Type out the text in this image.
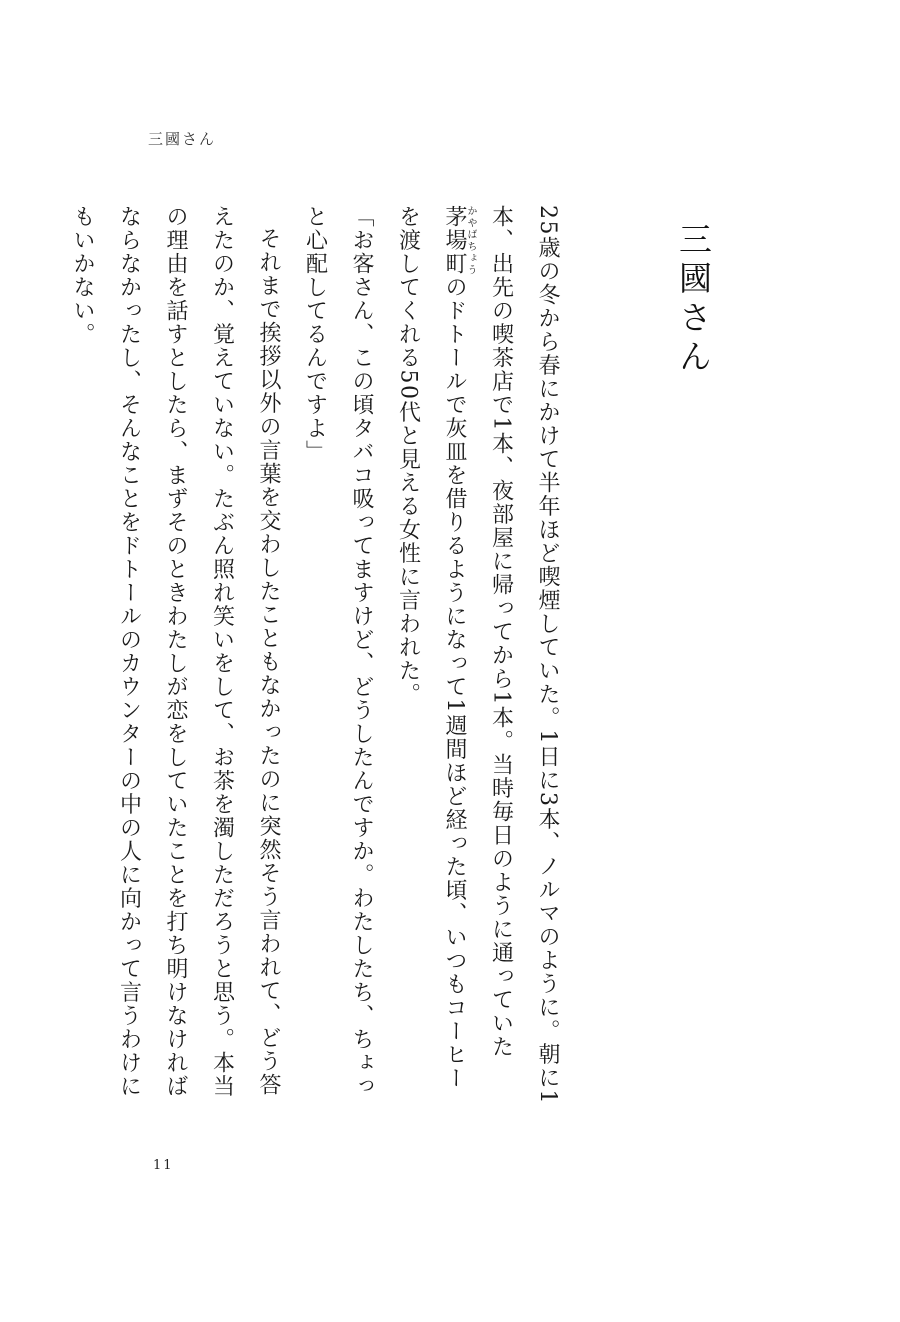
三國さん
三國さん

25歳の冬から春にかけて半年ほど喫煙していた。1日に3本、ノルマのように。朝に1本、出先の喫茶店で1本、夜部屋に帰ってから1本。当時毎日のように通っていた茅場町かやばちょうのドトールで灰皿を借りるようになって1週間ほど経った頃、いつもコーヒーを渡してくれる50代と見える女性に言われた。

「お客さん、この頃タバコ吸ってますけど、どうしたんですか。わたしたち、ちょっと心配してるんですよ」

それまで挨拶以外の言葉を交わしたこともなかったのに突然そう言われて、どう答えたのか、覚えていない。たぶん照れ笑いをして、お茶を濁しただろうと思う。本当の理由を話すとしたら、まずそのときわたしが恋をしていたことを打ち明けなければならなかったし、そんなことをドトールのカウンターの中の人に向かって言うわけにもいかない。

11
